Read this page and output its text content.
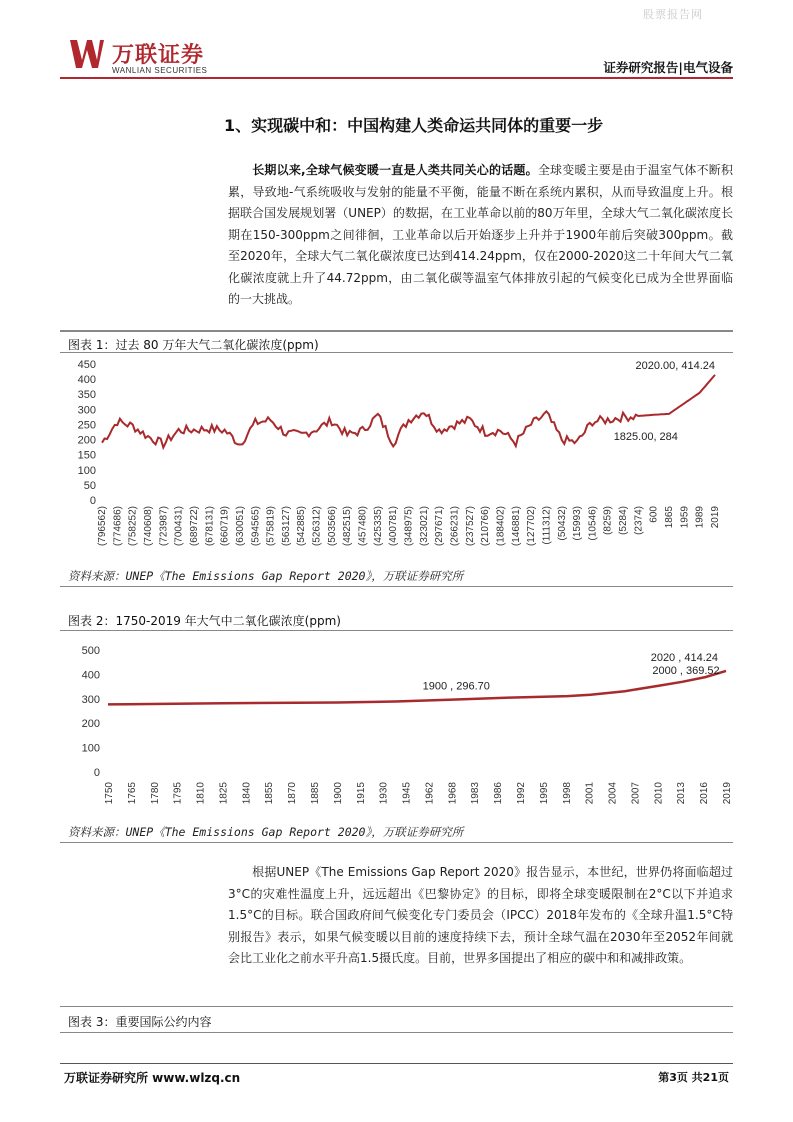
股票报告网
万联证券
WANLIAN SECURITIES	证券研究报告|电气设备
1、实现碳中和：中国构建人类命运共同体的重要一步
长期以来,全球气候变暖一直是人类共同关心的话题。全球变暖主要是由于温室气体不断积累，导致地-气系统吸收与发射的能量不平衡，能量不断在系统内累积，从而导致温度上升。根据联合国发展规划署（UNEP）的数据，在工业革命以前的80万年里，全球大气二氧化碳浓度长期在150-300ppm之间徘徊，工业革命以后开始逐步上升并于1900年前后突破300ppm。截至2020年，全球大气二氧化碳浓度已达到414.24ppm，仅在2000-2020这二十年间大气二氧化碳浓度就上升了44.72ppm，由二氧化碳等温室气体排放引起的气候变化已成为全世界面临的一大挑战。
图表 1：过去 80 万年大气二氧化碳浓度(ppm)
0
50
100
150
200
250
300
350
400
450
(796562) (774686) (758252) (740608) (723987) (700431) (689722) (678131) (660719) (630051) (594565) (575819) (563127) (542885) (526312) (503566) (482515) (457480) (425335) (400781) (348975) (323021) (297671) (266231) (237527) (210766) (188402) (146881) (127702) (111312) (50432) (15993) (10546) (8259) (5284) (2374) 600 1865 1959 1989 2019
2020.00, 414.24
1825.00, 284
资料来源：UNEP《The Emissions Gap Report 2020》，万联证券研究所
图表 2：1750-2019 年大气中二氧化碳浓度(ppm)
0
100
200
300
400
500
1750 1765 1780 1795 1810 1825 1840 1855 1870 1885 1900 1915 1930 1945 1962 1968 1983 1986 1992 1995 1998 2001 2004 2007 2010 2013 2016 2019
1900 , 296.70
2000 , 369.52
2020 , 414.24
资料来源：UNEP《The Emissions Gap Report 2020》，万联证券研究所
根据UNEP《The Emissions Gap Report 2020》报告显示，本世纪，世界仍将面临超过3°C的灾难性温度上升，远远超出《巴黎协定》的目标，即将全球变暖限制在2°C以下并追求1.5°C的目标。联合国政府间气候变化专门委员会（IPCC）2018年发布的《全球升温1.5°C特别报告》表示，如果气候变暖以目前的速度持续下去，预计全球气温在2030年至2052年间就会比工业化之前水平升高1.5摄氏度。目前，世界多国提出了相应的碳中和和减排政策。
图表 3：重要国际公约内容
万联证券研究所 www.wlzq.cn	第3页 共21页
